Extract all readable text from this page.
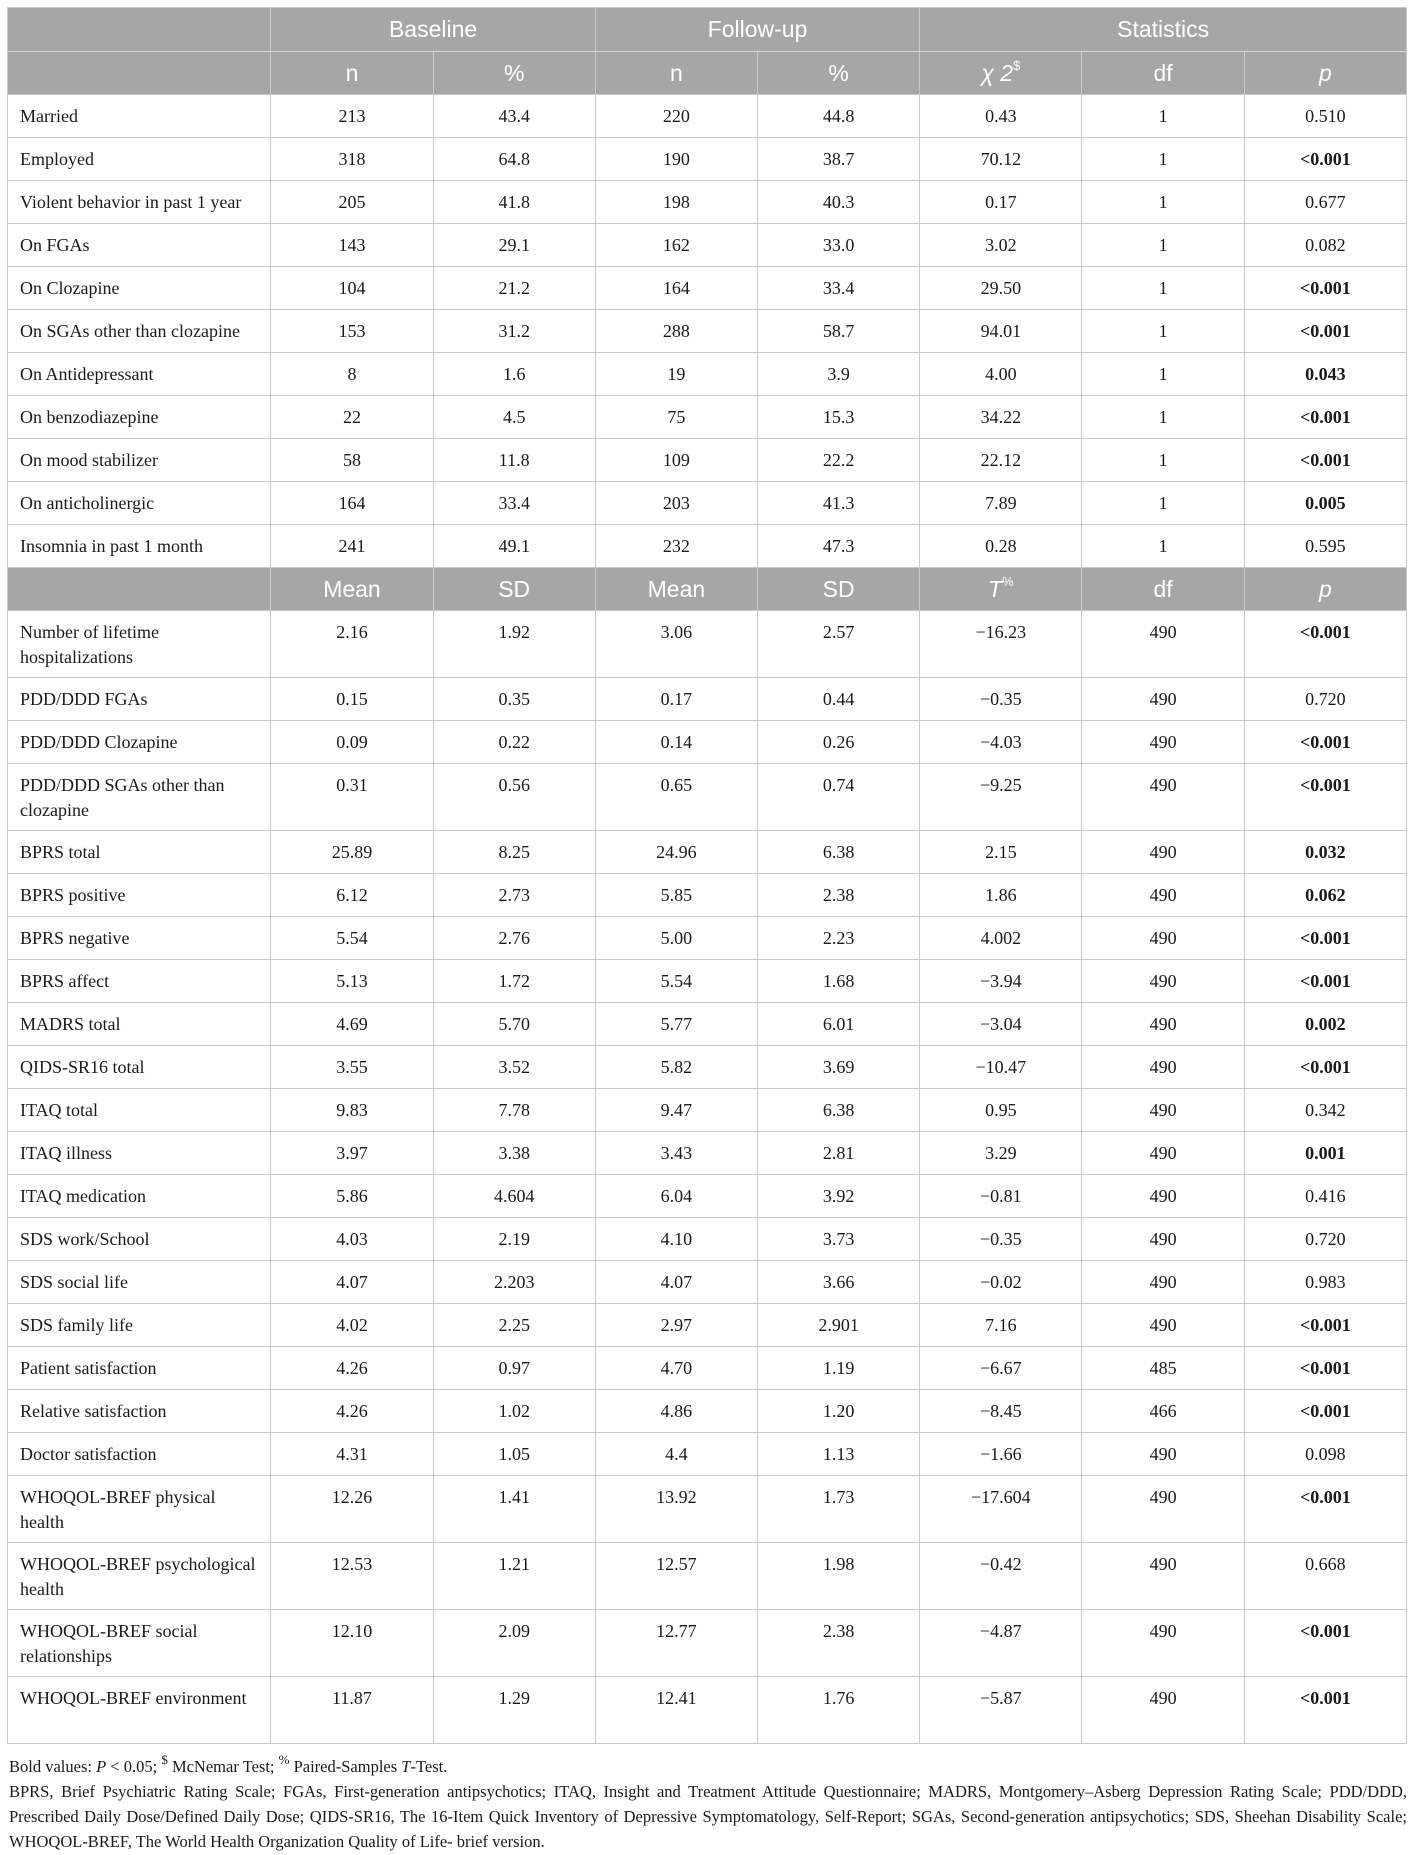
	Baseline		Follow-up		Statistics		
	n	%	n	%	χ 2$	df	p
Married	213	43.4	220	44.8	0.43	1	0.510
Employed	318	64.8	190	38.7	70.12	1	<0.001
Violent behavior in past 1 year	205	41.8	198	40.3	0.17	1	0.677
On FGAs	143	29.1	162	33.0	3.02	1	0.082
On Clozapine	104	21.2	164	33.4	29.50	1	<0.001
On SGAs other than clozapine	153	31.2	288	58.7	94.01	1	<0.001
On Antidepressant	8	1.6	19	3.9	4.00	1	0.043
On benzodiazepine	22	4.5	75	15.3	34.22	1	<0.001
On mood stabilizer	58	11.8	109	22.2	22.12	1	<0.001
On anticholinergic	164	33.4	203	41.3	7.89	1	0.005
Insomnia in past 1 month	241	49.1	232	47.3	0.28	1	0.595
	Mean	SD	Mean	SD	T%	df	p
Number of lifetime hospitalizations	2.16	1.92	3.06	2.57	−16.23	490	<0.001
PDD/DDD FGAs	0.15	0.35	0.17	0.44	−0.35	490	0.720
PDD/DDD Clozapine	0.09	0.22	0.14	0.26	−4.03	490	<0.001
PDD/DDD SGAs other than clozapine	0.31	0.56	0.65	0.74	−9.25	490	<0.001
BPRS total	25.89	8.25	24.96	6.38	2.15	490	0.032
BPRS positive	6.12	2.73	5.85	2.38	1.86	490	0.062
BPRS negative	5.54	2.76	5.00	2.23	4.002	490	<0.001
BPRS affect	5.13	1.72	5.54	1.68	−3.94	490	<0.001
MADRS total	4.69	5.70	5.77	6.01	−3.04	490	0.002
QIDS-SR16 total	3.55	3.52	5.82	3.69	−10.47	490	<0.001
ITAQ total	9.83	7.78	9.47	6.38	0.95	490	0.342
ITAQ illness	3.97	3.38	3.43	2.81	3.29	490	0.001
ITAQ medication	5.86	4.604	6.04	3.92	−0.81	490	0.416
SDS work/School	4.03	2.19	4.10	3.73	−0.35	490	0.720
SDS social life	4.07	2.203	4.07	3.66	−0.02	490	0.983
SDS family life	4.02	2.25	2.97	2.901	7.16	490	<0.001
Patient satisfaction	4.26	0.97	4.70	1.19	−6.67	485	<0.001
Relative satisfaction	4.26	1.02	4.86	1.20	−8.45	466	<0.001
Doctor satisfaction	4.31	1.05	4.4	1.13	−1.66	490	0.098
WHOQOL-BREF physical health	12.26	1.41	13.92	1.73	−17.604	490	<0.001
WHOQOL-BREF psychological health	12.53	1.21	12.57	1.98	−0.42	490	0.668
WHOQOL-BREF social relationships	12.10	2.09	12.77	2.38	−4.87	490	<0.001
WHOQOL-BREF environment	11.87	1.29	12.41	1.76	−5.87	490	<0.001

Bold values: P < 0.05; $ McNemar Test; % Paired-Samples T-Test.

BPRS, Brief Psychiatric Rating Scale; FGAs, First-generation antipsychotics; ITAQ, Insight and Treatment Attitude Questionnaire; MADRS, Montgomery–Asberg Depression Rating Scale; PDD/DDD, Prescribed Daily Dose/Defined Daily Dose; QIDS-SR16, The 16-Item Quick Inventory of Depressive Symptomatology, Self-Report; SGAs, Second-generation antipsychotics; SDS, Sheehan Disability Scale; WHOQOL-BREF, The World Health Organization Quality of Life- brief version.
